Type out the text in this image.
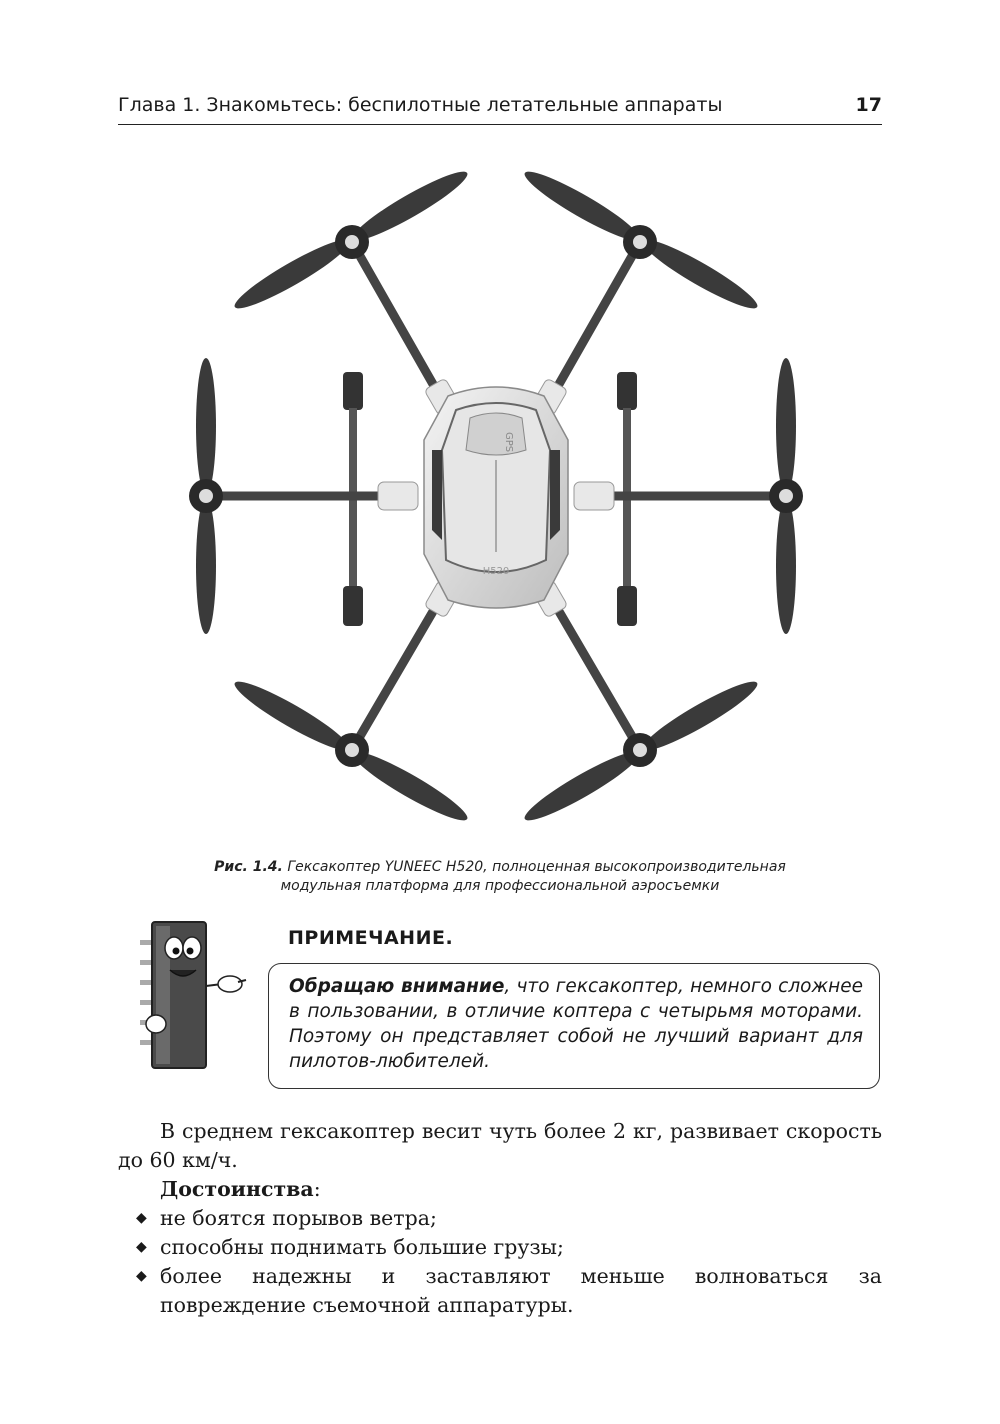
Глава 1. Знакомьтесь: беспилотные летательные аппараты	17
GPS
H520
Рис. 1.4. Гексакоптер YUNEEC H520, полноценная высокопроизводительная
модульная платформа для профессиональной аэросъемки
ПРИМЕЧАНИЕ.
Обращаю внимание, что гексакоптер, немного сложнее в пользовании, в отличие коптера с четырьмя моторами. Поэтому он представляет собой не лучший вариант для пилотов-любителей.

В среднем гексакоптер весит чуть более 2 кг, развивает скорость до 60 км/ч.

Достоинства:

◆ не боятся порывов ветра;
◆ способны поднимать большие грузы;
◆ более надежны и заставляют меньше волноваться за повреждение съемочной аппаратуры.
